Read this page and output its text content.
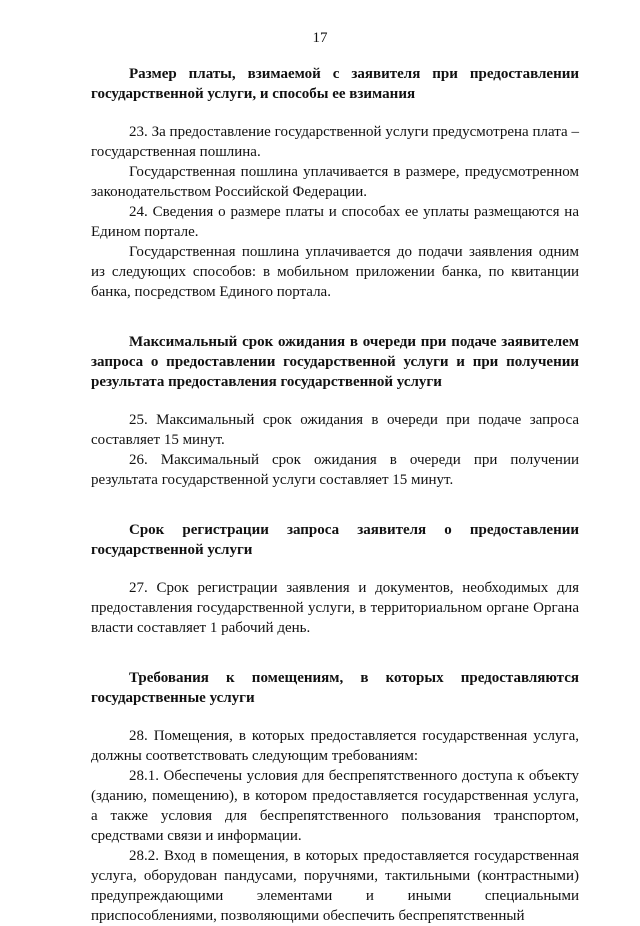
17

Размер платы, взимаемой с заявителя при предоставлении государственной услуги, и способы ее взимания

23. За предоставление государственной услуги предусмотрена плата – государственная пошлина.

Государственная пошлина уплачивается в размере, предусмотренном законодательством Российской Федерации.

24. Сведения о размере платы и способах ее уплаты размещаются на Едином портале.

Государственная пошлина уплачивается до подачи заявления одним из следующих способов: в мобильном приложении банка, по квитанции банка, посредством Единого портала.

Максимальный срок ожидания в очереди при подаче заявителем запроса о предоставлении государственной услуги и при получении результата предоставления государственной услуги

25. Максимальный срок ожидания в очереди при подаче запроса составляет 15 минут.

26. Максимальный срок ожидания в очереди при получении результата государственной услуги составляет 15 минут.

Срок регистрации запроса заявителя о предоставлении государственной услуги

27. Срок регистрации заявления и документов, необходимых для предоставления государственной услуги, в территориальном органе Органа власти составляет 1 рабочий день.

Требования к помещениям, в которых предоставляются государственные услуги

28. Помещения, в которых предоставляется государственная услуга, должны соответствовать следующим требованиям:

28.1. Обеспечены условия для беспрепятственного доступа к объекту (зданию, помещению), в котором предоставляется государственная услуга, а также условия для беспрепятственного пользования транспортом, средствами связи и информации.

28.2. Вход в помещения, в которых предоставляется государственная услуга, оборудован пандусами, поручнями, тактильными (контрастными) предупреждающими элементами и иными специальными приспособлениями, позволяющими обеспечить беспрепятственный
